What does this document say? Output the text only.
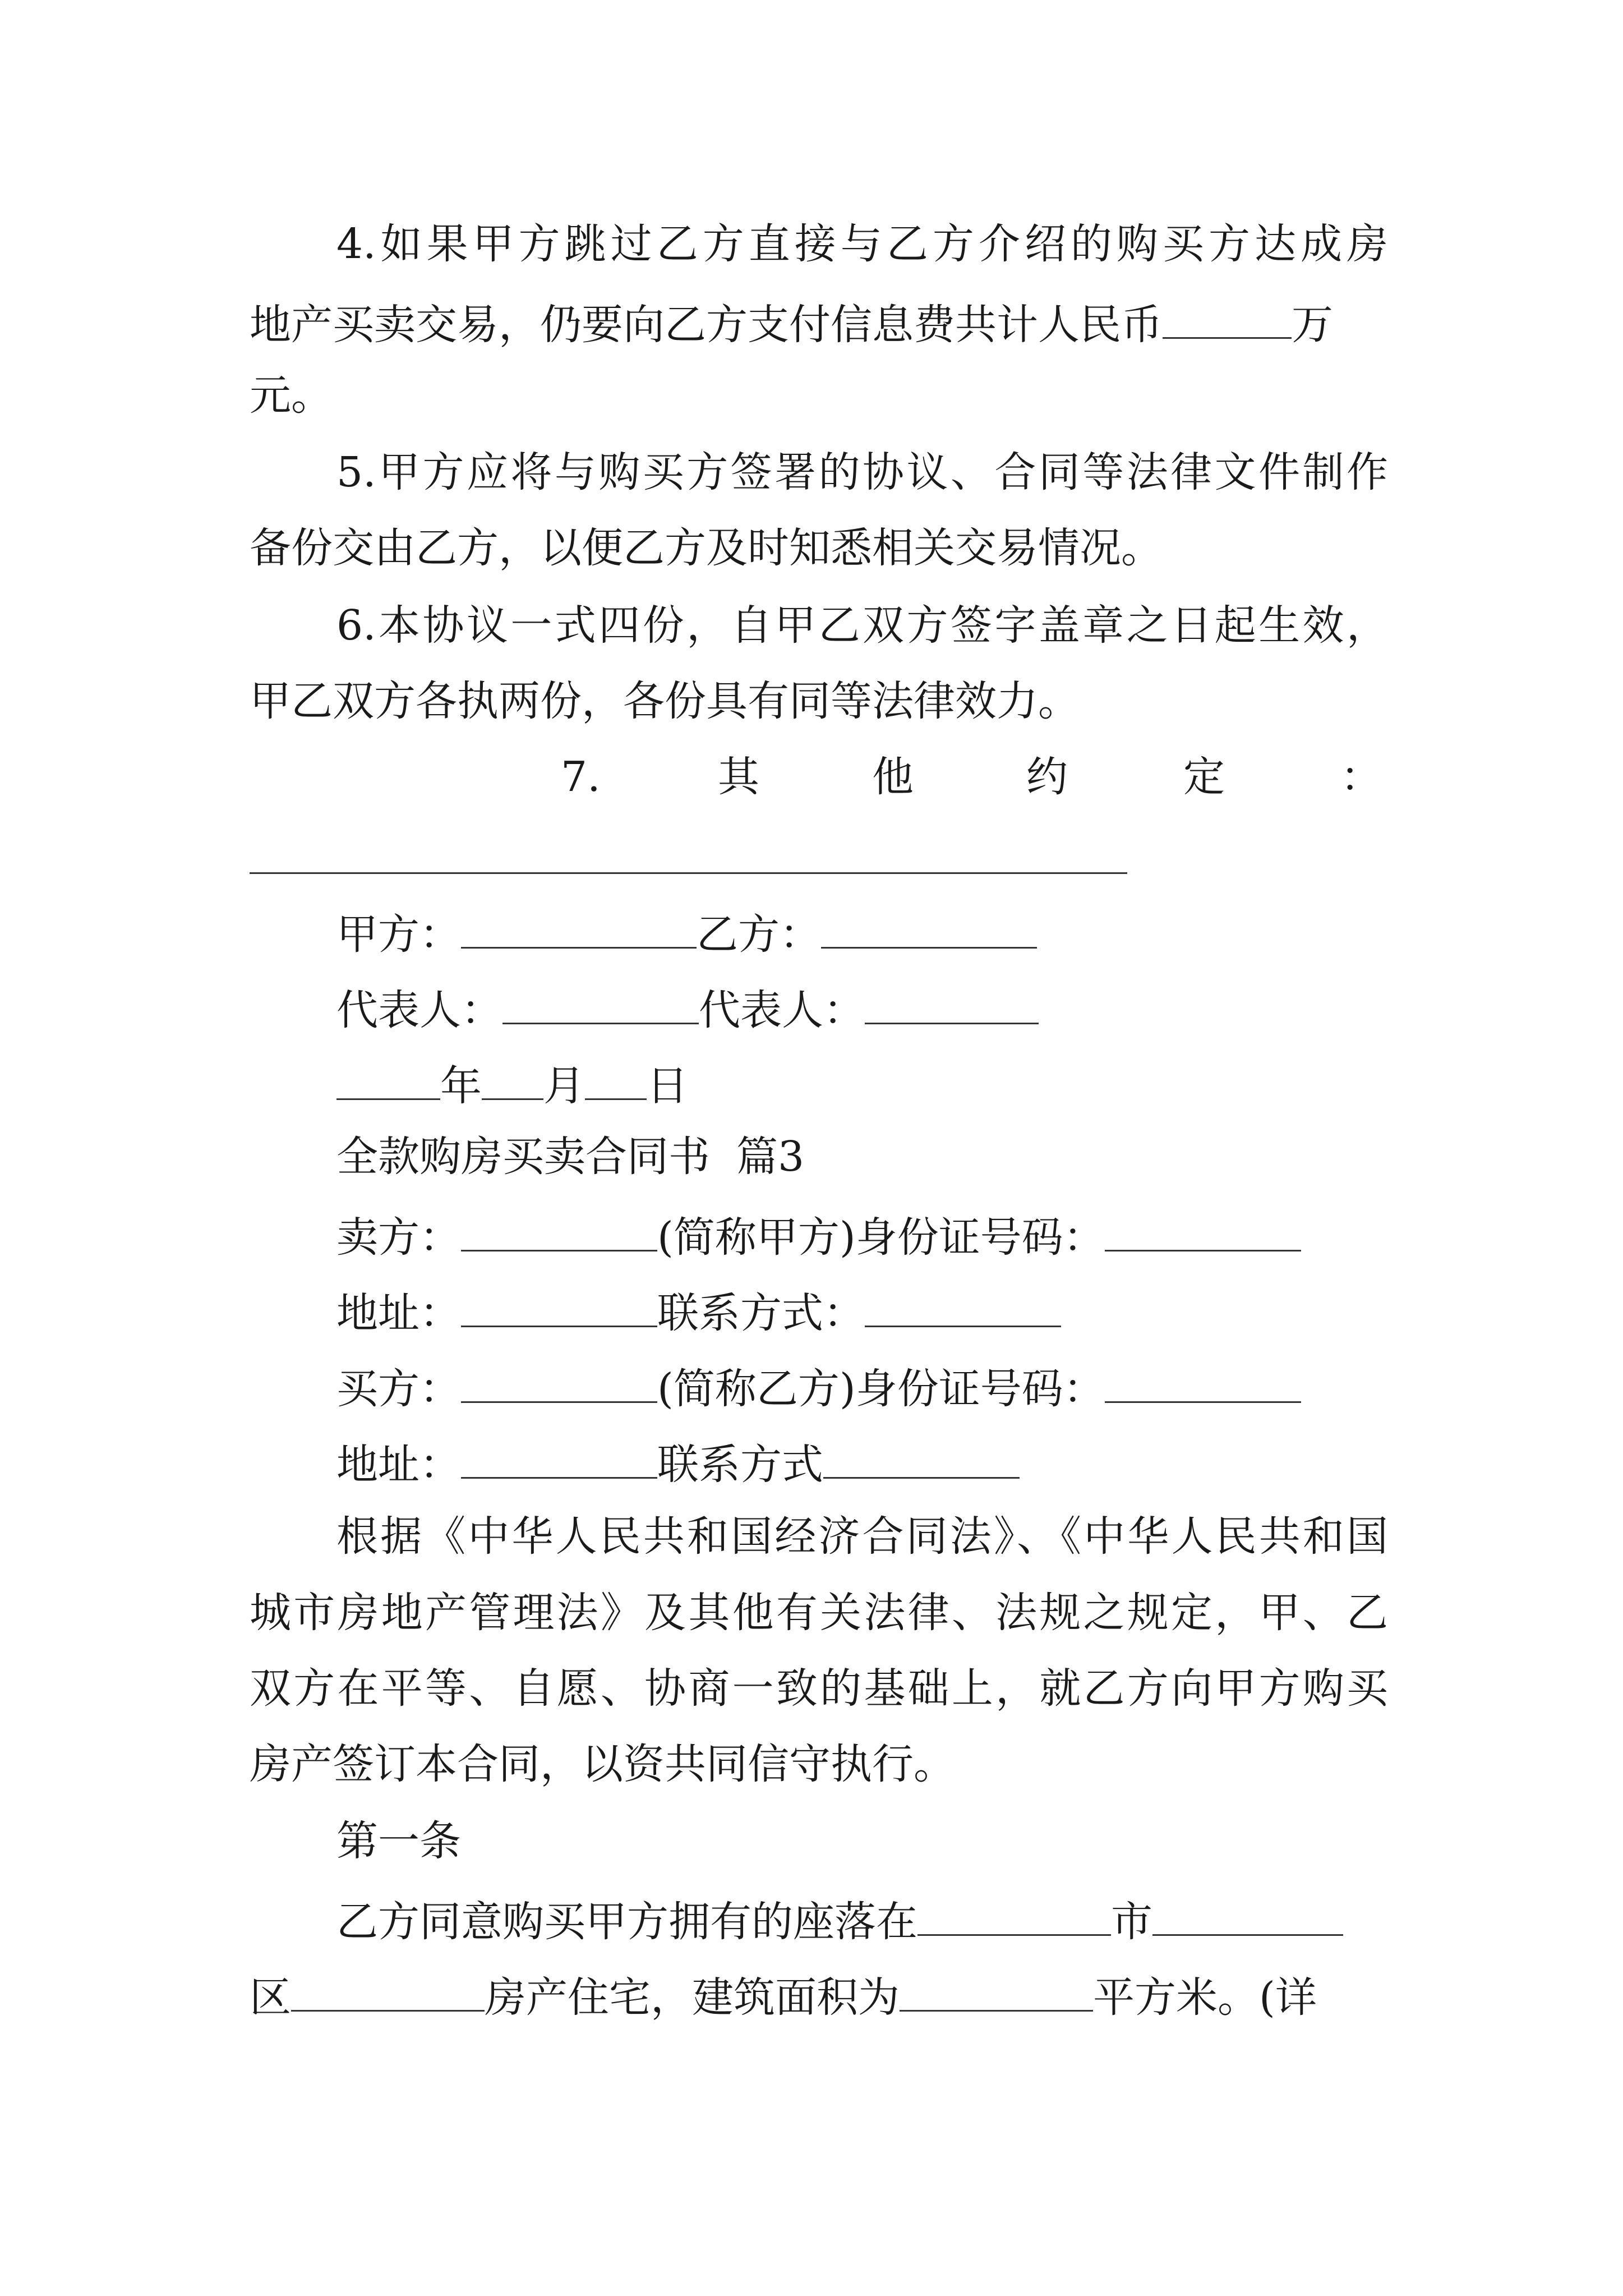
4.如果甲方跳过乙方直接与乙方介绍的购买方达成房
地产买卖交易，仍要向乙方支付信息费共计人民币	万
元。
5.甲方应将与购买方签署的协议、合同等法律文件制作
备份交由乙方，以便乙方及时知悉相关交易情况。
6.本协议一式四份，自甲乙双方签字盖章之日起生效，
甲乙双方各执两份，各份具有同等法律效力。
7.	其	他	约	定	：
甲方：	乙方：
代表人：	代表人：
年 月 日
全款购房买卖合同书  篇3
卖方：	(简称甲方)身份证号码：
地址：	联系方式：
买方：	(简称乙方)身份证号码：
地址：	联系方式
根据《中华人民共和国经济合同法》、《中华人民共和国
城市房地产管理法》及其他有关法律、法规之规定，甲、乙
双方在平等、自愿、协商一致的基础上，就乙方向甲方购买
房产签订本合同，以资共同信守执行。
第一条
乙方同意购买甲方拥有的座落在	市
区	房产住宅，建筑面积为	平方米。(详
